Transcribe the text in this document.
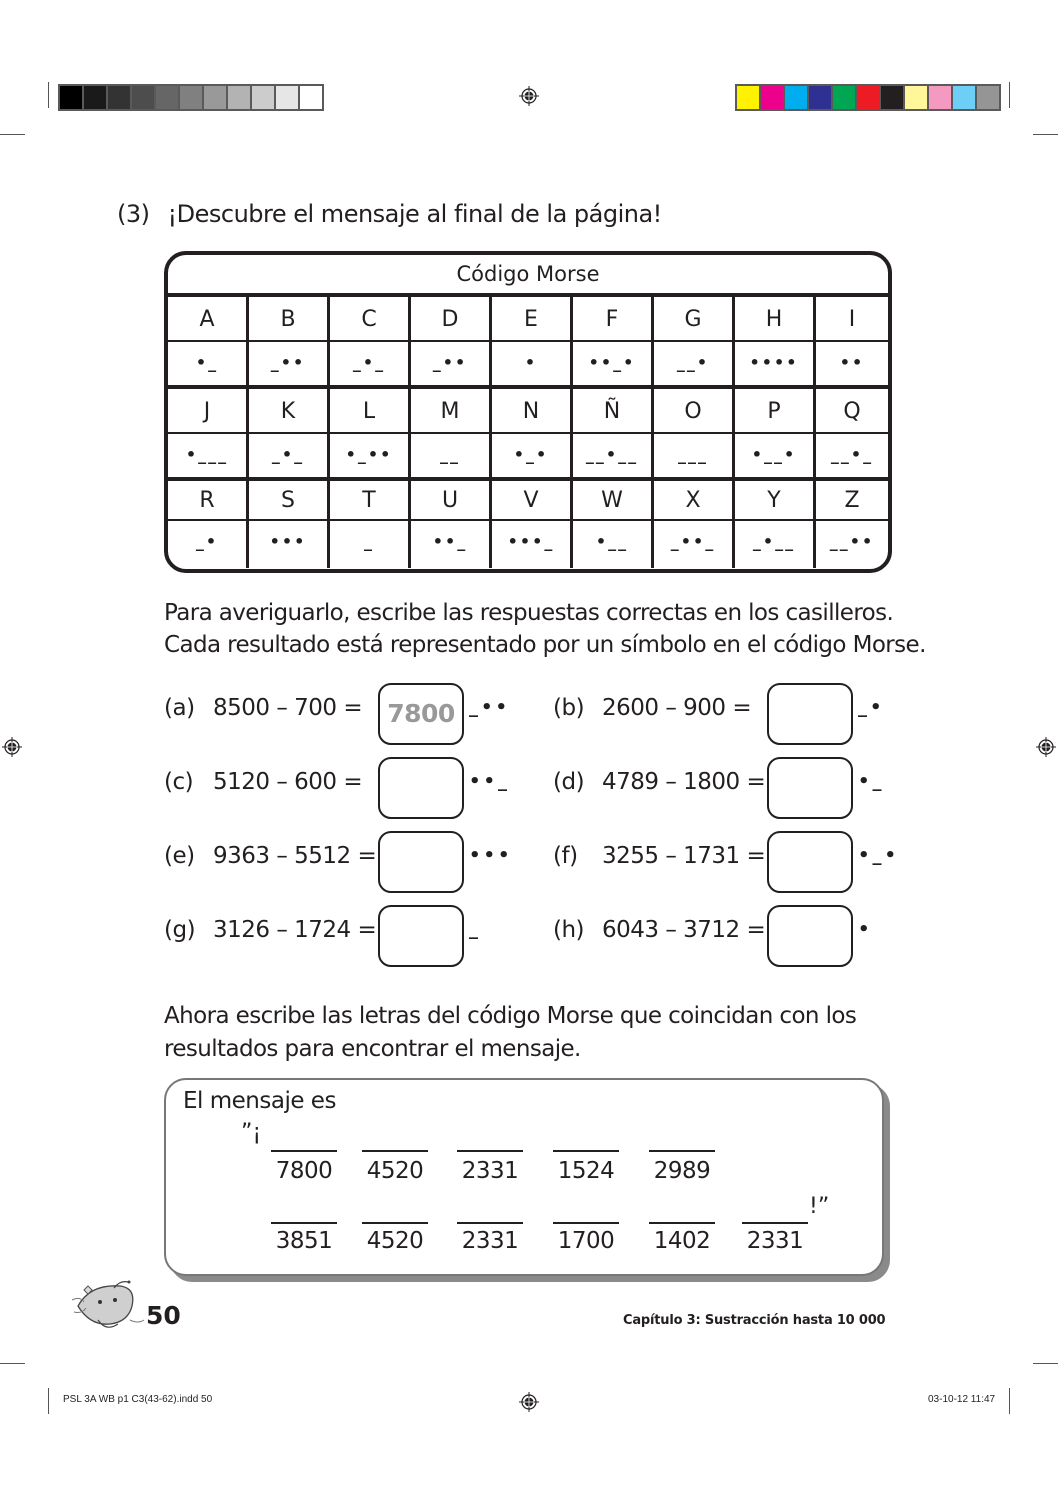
(3) ¡Descubre el mensaje al final de la página!
Código Morse
A	B	C	D	E	F	G	H	I
•_	_••	_•_	_••	•	••_•	__•	••••	••
J	K	L	M	N	Ñ	O	P	Q
•___	_•_	•_••	__	•_•	__•__	___	•__•	__•_
R	S	T	U	V	W	X	Y	Z
_•	•••	_	••_	•••_	•__	_••_	_•__	__••
Para averiguarlo, escribe las respuestas correctas en los casilleros. Cada resultado está representado por un símbolo en el código Morse.
(a) 8500 – 700 =	7800 _•• (b) 2600 – 900 =	_•
(c) 5120 – 600 =	••_ (d) 4789 – 1800 =	•_
(e) 9363 – 5512 =	••• (f) 3255 – 1731 =	•_•
(g) 3126 – 1724 =	_	(h) 6043 – 3712 =	•
Ahora escribe las letras del código Morse que coincidan con los resultados para encontrar el mensaje.
El mensaje es
”¡
!”
7800 4520 2331 1524 2989
3851 4520 2331 1700 1402 2331
50	Capítulo 3: Sustracción hasta 10 000
PSL 3A WB p1 C3(43-62).indd 50	03-10-12 11:47
